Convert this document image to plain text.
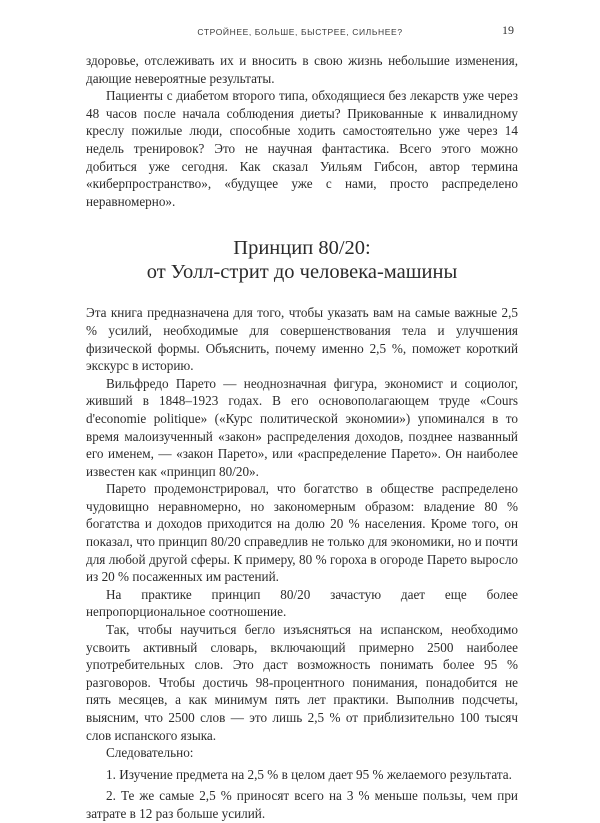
СТРОЙНЕЕ, БОЛЬШЕ, БЫСТРЕЕ, СИЛЬНЕЕ?	19

здоровье, отслеживать их и вносить в свою жизнь небольшие изменения, дающие невероятные результаты.

Пациенты с диабетом второго типа, обходящиеся без лекарств уже через 48 часов после начала соблюдения диеты? Прикованные к инвалидному креслу пожилые люди, способные ходить самостоятельно уже через 14 недель тренировок? Это не научная фантастика. Всего этого можно добиться уже сегодня. Как сказал Уильям Гибсон, автор термина «киберпространство», «будущее уже с нами, просто распределено неравномерно».

Принцип 80/20:
от Уолл-стрит до человека-машины

Эта книга предназначена для того, чтобы указать вам на самые важные 2,5 % усилий, необходимые для совершенствования тела и улучшения физической формы. Объяснить, почему именно 2,5 %, поможет короткий экскурс в историю.

Вильфредо Парето — неоднозначная фигура, экономист и социолог, живший в 1848–1923 годах. В его основополагающем труде «Cours d'economie politique» («Курс политической экономии») упоминался в то время малоизученный «закон» распределения доходов, позднее названный его именем, — «закон Парето», или «распределение Парето». Он наиболее известен как «принцип 80/20».

Парето продемонстрировал, что богатство в обществе распределено чудовищно неравномерно, но закономерным образом: владение 80 % богатства и доходов приходится на долю 20 % населения. Кроме того, он показал, что принцип 80/20 справедлив не только для экономики, но и почти для любой другой сферы. К примеру, 80 % гороха в огороде Парето выросло из 20 % посаженных им растений.

На практике принцип 80/20 зачастую дает еще более непропорциональное соотношение.

Так, чтобы научиться бегло изъясняться на испанском, необходимо усвоить активный словарь, включающий примерно 2500 наиболее употребительных слов. Это даст возможность понимать более 95 % разговоров. Чтобы достичь 98-процентного понимания, понадобится не пять месяцев, а как минимум пять лет практики. Выполнив подсчеты, выясним, что 2500 слов — это лишь 2,5 % от приблизительно 100 тысяч слов испанского языка.

Следовательно:

1. Изучение предмета на 2,5 % в целом дает 95 % желаемого результата.

2. Те же самые 2,5 % приносят всего на 3 % меньше пользы, чем при затрате в 12 раз больше усилий.
